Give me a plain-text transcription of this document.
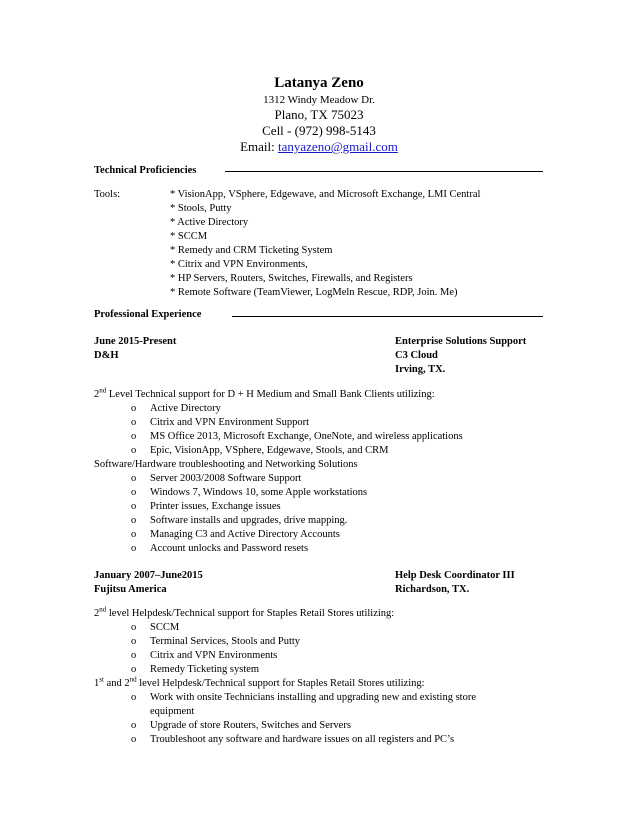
Latanya Zeno
1312 Windy Meadow Dr.
Plano, TX 75023
Cell - (972) 998-5143
Email: tanyazeno@gmail.com
Technical Proficiencies
Tools:	* VisionApp, VSphere, Edgewave, and Microsoft Exchange, LMI Central
* Stools, Putty
* Active Directory
* SCCM
* Remedy and CRM Ticketing System
* Citrix and VPN Environments,
* HP Servers, Routers, Switches, Firewalls, and Registers
* Remote Software (TeamViewer, LogMeln Rescue, RDP, Join. Me)
Professional Experience
June 2015-Present
D&H
Enterprise Solutions Support
C3 Cloud
Irving, TX.
2nd Level Technical support for D + H Medium and Small Bank Clients utilizing:
o Active Directory
o Citrix and VPN Environment Support
o MS Office 2013, Microsoft Exchange, OneNote, and wireless applications
o Epic, VisionApp, VSphere, Edgewave, Stools, and CRM
Software/Hardware troubleshooting and Networking Solutions
o Server 2003/2008 Software Support
o Windows 7, Windows 10, some Apple workstations
o Printer issues, Exchange issues
o Software installs and upgrades, drive mapping.
o Managing C3 and Active Directory Accounts
o Account unlocks and Password resets
January 2007–June2015
Fujitsu America
Help Desk Coordinator III
Richardson, TX.
2nd level Helpdesk/Technical support for Staples Retail Stores utilizing:
o SCCM
o Terminal Services, Stools and Putty
o Citrix and VPN Environments
o Remedy Ticketing system
1st and 2nd level Helpdesk/Technical support for Staples Retail Stores utilizing:
o Work with onsite Technicians installing and upgrading new and existing store
equipment
o Upgrade of store Routers, Switches and Servers
o Troubleshoot any software and hardware issues on all registers and PC’s
